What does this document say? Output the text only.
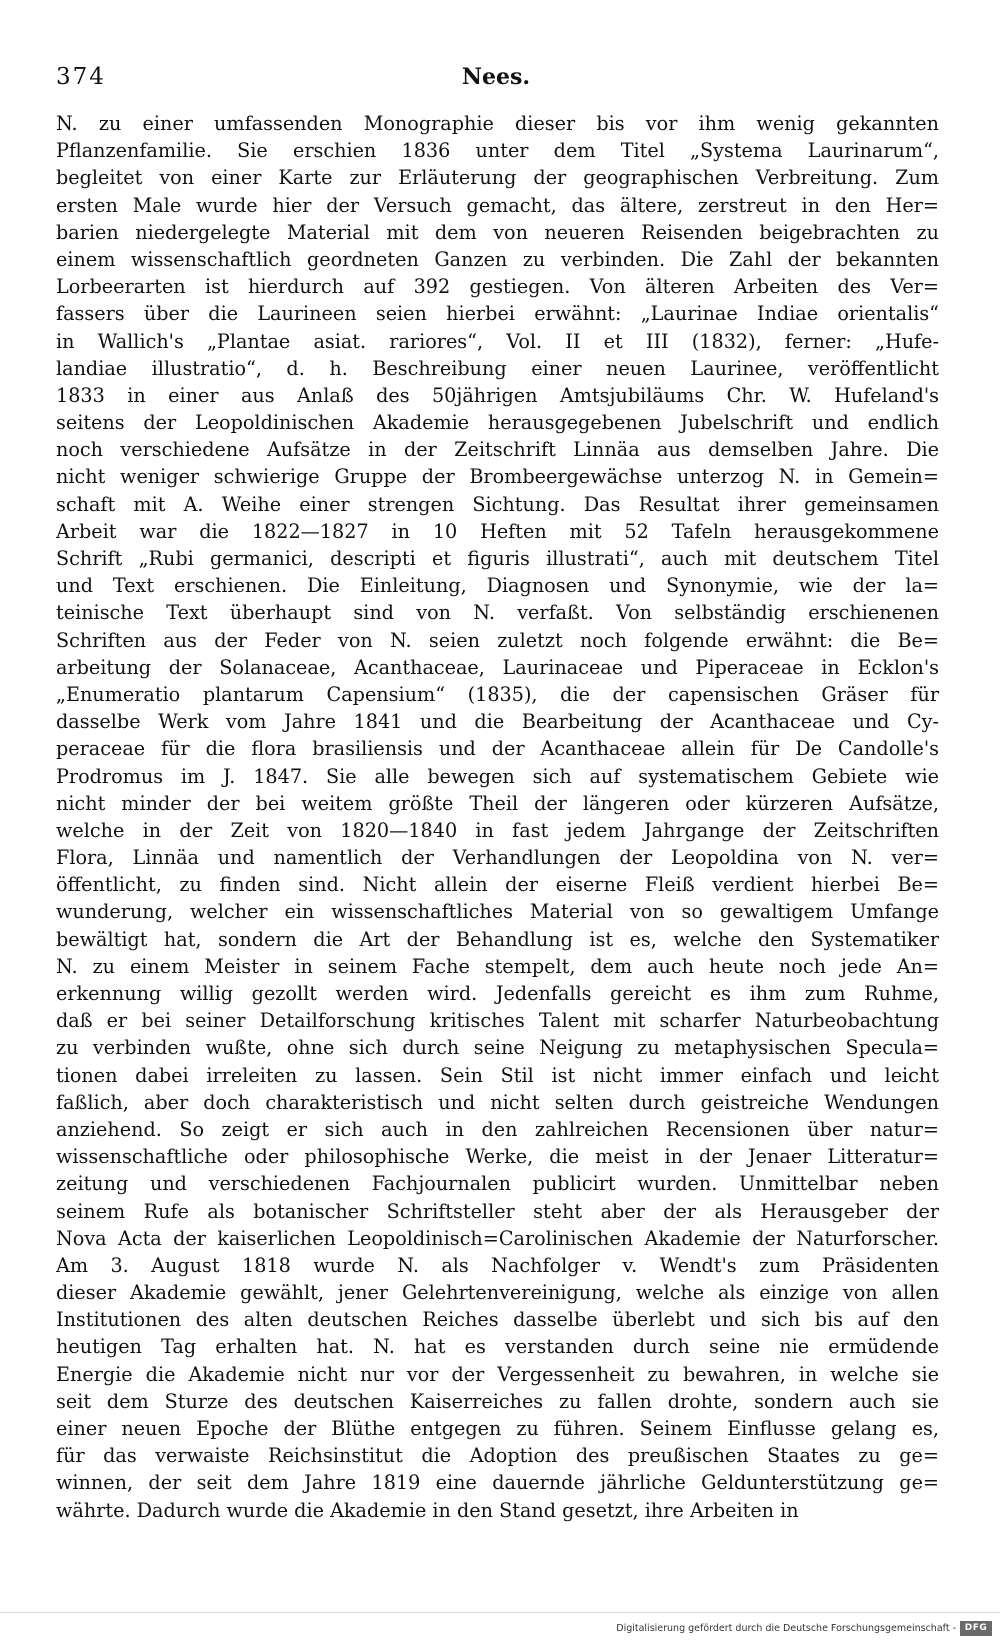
374	Nees.
N. zu einer umfassenden Monographie dieser bis vor ihm wenig gekannten
Pflanzenfamilie. Sie erschien 1836 unter dem Titel „Systema Laurinarum“,
begleitet von einer Karte zur Erläuterung der geographischen Verbreitung. Zum
ersten Male wurde hier der Versuch gemacht, das ältere, zerstreut in den Her=
barien niedergelegte Material mit dem von neueren Reisenden beigebrachten zu
einem wissenschaftlich geordneten Ganzen zu verbinden. Die Zahl der bekannten
Lorbeerarten ist hierdurch auf 392 gestiegen. Von älteren Arbeiten des Ver=
fassers über die Laurineen seien hierbei erwähnt: „Laurinae Indiae orientalis“
in Wallich's „Plantae asiat. rariores“, Vol. II et III (1832), ferner: „Hufe-
landiae illustratio“, d. h. Beschreibung einer neuen Laurinee, veröffentlicht
1833 in einer aus Anlaß des 50jährigen Amtsjubiläums Chr. W. Hufeland's
seitens der Leopoldinischen Akademie herausgegebenen Jubelschrift und endlich
noch verschiedene Aufsätze in der Zeitschrift Linnäa aus demselben Jahre. Die
nicht weniger schwierige Gruppe der Brombeergewächse unterzog N. in Gemein=
schaft mit A. Weihe einer strengen Sichtung. Das Resultat ihrer gemeinsamen
Arbeit war die 1822—1827 in 10 Heften mit 52 Tafeln herausgekommene
Schrift „Rubi germanici, descripti et figuris illustrati“, auch mit deutschem Titel
und Text erschienen. Die Einleitung, Diagnosen und Synonymie, wie der la=
teinische Text überhaupt sind von N. verfaßt. Von selbständig erschienenen
Schriften aus der Feder von N. seien zuletzt noch folgende erwähnt: die Be=
arbeitung der Solanaceae, Acanthaceae, Laurinaceae und Piperaceae in Ecklon's
„Enumeratio plantarum Capensium“ (1835), die der capensischen Gräser für
dasselbe Werk vom Jahre 1841 und die Bearbeitung der Acanthaceae und Cy-
peraceae für die flora brasiliensis und der Acanthaceae allein für De Candolle's
Prodromus im J. 1847. Sie alle bewegen sich auf systematischem Gebiete wie
nicht minder der bei weitem größte Theil der längeren oder kürzeren Aufsätze,
welche in der Zeit von 1820—1840 in fast jedem Jahrgange der Zeitschriften
Flora, Linnäa und namentlich der Verhandlungen der Leopoldina von N. ver=
öffentlicht, zu finden sind. Nicht allein der eiserne Fleiß verdient hierbei Be=
wunderung, welcher ein wissenschaftliches Material von so gewaltigem Umfange
bewältigt hat, sondern die Art der Behandlung ist es, welche den Systematiker
N. zu einem Meister in seinem Fache stempelt, dem auch heute noch jede An=
erkennung willig gezollt werden wird. Jedenfalls gereicht es ihm zum Ruhme,
daß er bei seiner Detailforschung kritisches Talent mit scharfer Naturbeobachtung
zu verbinden wußte, ohne sich durch seine Neigung zu metaphysischen Specula=
tionen dabei irreleiten zu lassen. Sein Stil ist nicht immer einfach und leicht
faßlich, aber doch charakteristisch und nicht selten durch geistreiche Wendungen
anziehend. So zeigt er sich auch in den zahlreichen Recensionen über natur=
wissenschaftliche oder philosophische Werke, die meist in der Jenaer Litteratur=
zeitung und verschiedenen Fachjournalen publicirt wurden. Unmittelbar neben
seinem Rufe als botanischer Schriftsteller steht aber der als Herausgeber der
Nova Acta der kaiserlichen Leopoldinisch=Carolinischen Akademie der Naturforscher.
Am 3. August 1818 wurde N. als Nachfolger v. Wendt's zum Präsidenten
dieser Akademie gewählt, jener Gelehrtenvereinigung, welche als einzige von allen
Institutionen des alten deutschen Reiches dasselbe überlebt und sich bis auf den
heutigen Tag erhalten hat. N. hat es verstanden durch seine nie ermüdende
Energie die Akademie nicht nur vor der Vergessenheit zu bewahren, in welche sie
seit dem Sturze des deutschen Kaiserreiches zu fallen drohte, sondern auch sie
einer neuen Epoche der Blüthe entgegen zu führen. Seinem Einflusse gelang es,
für das verwaiste Reichsinstitut die Adoption des preußischen Staates zu ge=
winnen, der seit dem Jahre 1819 eine dauernde jährliche Geldunterstützung ge=
währte. Dadurch wurde die Akademie in den Stand gesetzt, ihre Arbeiten in
Digitalisierung gefördert durch die Deutsche Forschungsgemeinschaft - DFG
